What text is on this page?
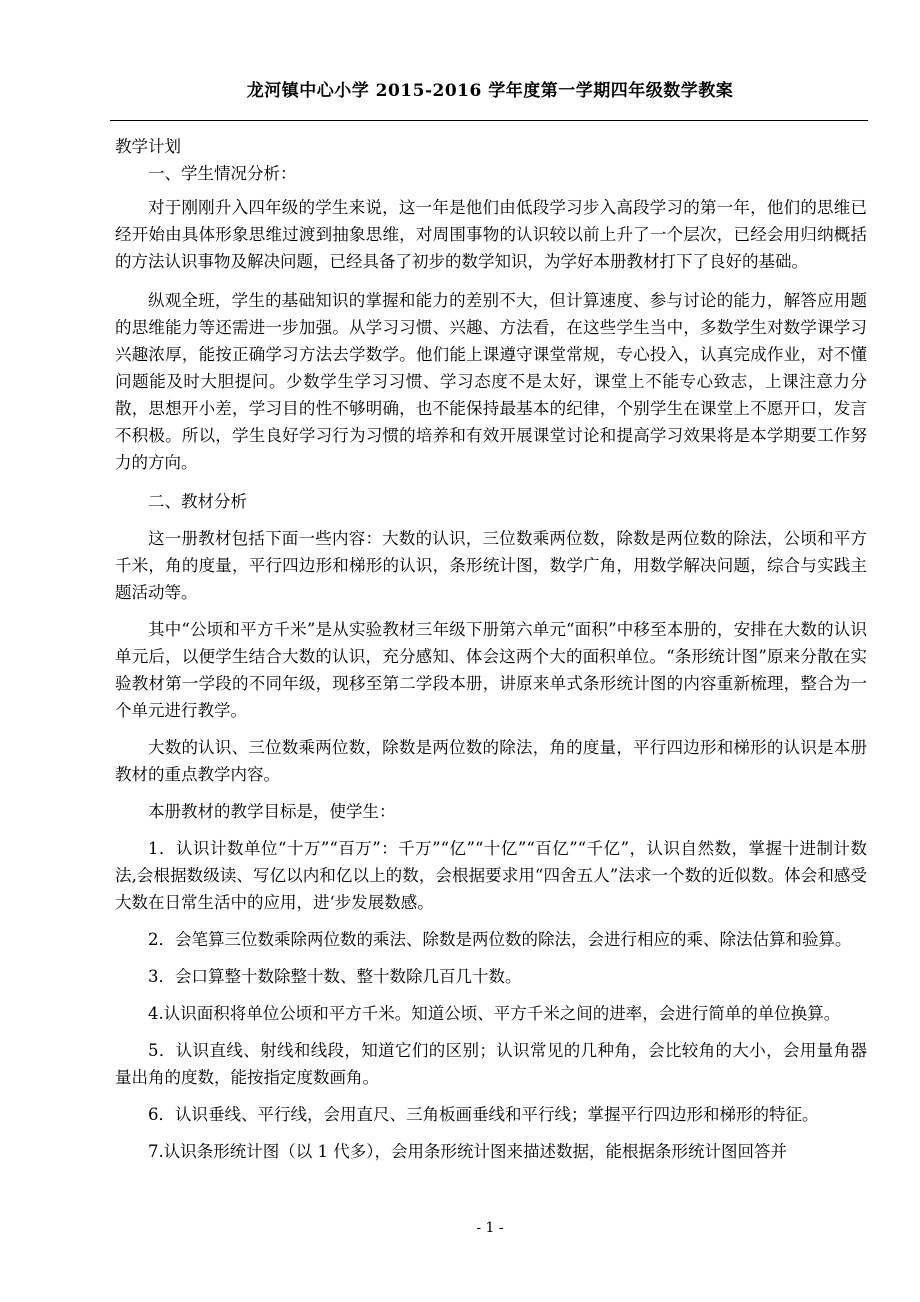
龙河镇中心小学 2015-2016 学年度第一学期四年级数学教案

教学计划

一、学生情况分析：

对于刚刚升入四年级的学生来说，这一年是他们由低段学习步入高段学习的第一年，他们的思维已经开始由具体形象思维过渡到抽象思维，对周围事物的认识较以前上升了一个层次，已经会用归纳概括的方法认识事物及解决问题，已经具备了初步的数学知识，为学好本册教材打下了良好的基础。

纵观全班，学生的基础知识的掌握和能力的差别不大，但计算速度、参与讨论的能力，解答应用题的思维能力等还需进一步加强。从学习习惯、兴趣、方法看，在这些学生当中，多数学生对数学课学习兴趣浓厚，能按正确学习方法去学数学。他们能上课遵守课堂常规，专心投入，认真完成作业，对不懂问题能及时大胆提问。少数学生学习习惯、学习态度不是太好，课堂上不能专心致志，上课注意力分散，思想开小差，学习目的性不够明确，也不能保持最基本的纪律，个别学生在课堂上不愿开口，发言不积极。所以，学生良好学习行为习惯的培养和有效开展课堂讨论和提高学习效果将是本学期要工作努力的方向。

二、教材分析

这一册教材包括下面一些内容：大数的认识，三位数乘两位数，除数是两位数的除法，公顷和平方千米，角的度量，平行四边形和梯形的认识，条形统计图，数学广角，用数学解决问题，综合与实践主题活动等。

其中“公顷和平方千米”是从实验教材三年级下册第六单元“面积”中移至本册的，安排在大数的认识单元后，以便学生结合大数的认识，充分感知、体会这两个大的面积单位。“条形统计图”原来分散在实验教材第一学段的不同年级，现移至第二学段本册，讲原来单式条形统计图的内容重新梳理，整合为一个单元进行教学。

大数的认识、三位数乘两位数，除数是两位数的除法，角的度量，平行四边形和梯形的认识是本册教材的重点教学内容。

本册教材的教学目标是，使学生：

1．认识计数单位“十万”“百万”：千万”“亿”“十亿”“百亿”“千亿”，认识自然数，掌握十进制计数法,会根据数级读、写亿以内和亿以上的数，会根据要求用“四舍五人”法求一个数的近似数。体会和感受大数在日常生活中的应用，进‘步发展数感。

2．会笔算三位数乘除两位数的乘法、除数是两位数的除法，会进行相应的乘、除法估算和验算。

3．会口算整十数除整十数、整十数除几百几十数。

4.认识面积将单位公顷和平方千米。知道公顷、平方千米之间的进率，会进行简单的单位换算。

5．认识直线、射线和线段，知道它们的区别；认识常见的几种角，会比较角的大小，会用量角器量出角的度数，能按指定度数画角。

6．认识垂线、平行线，会用直尺、三角板画垂线和平行线；掌握平行四边形和梯形的特征。

7.认识条形统计图（以 1 代多），会用条形统计图来描述数据，能根据条形统计图回答并

- 1 -
